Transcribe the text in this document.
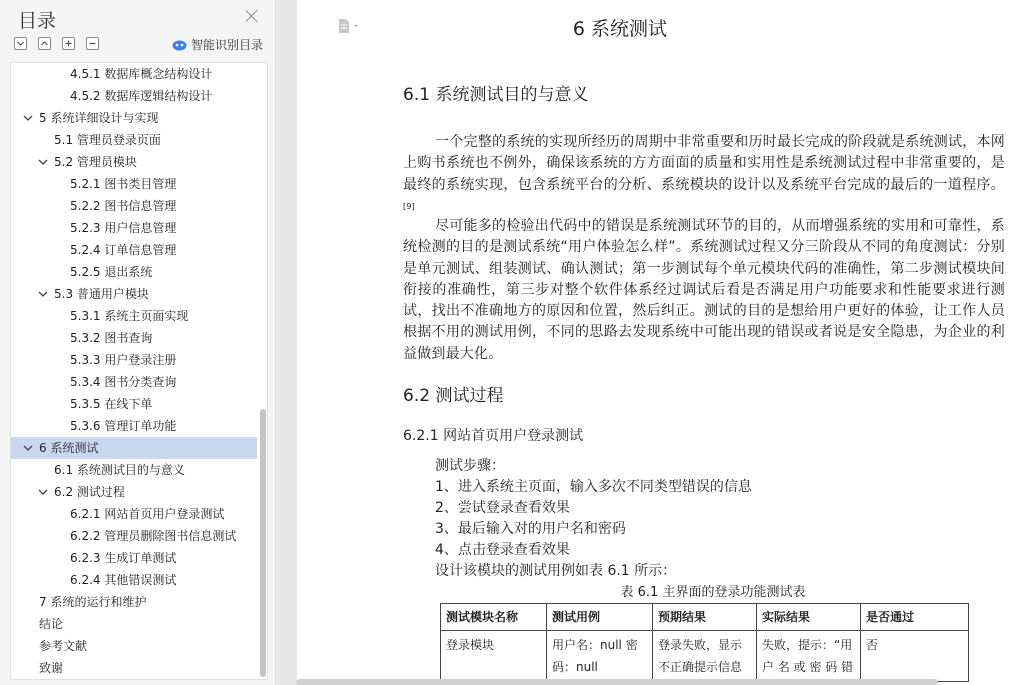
目录
智能识别目录
4.5.1 数据库概念结构设计
4.5.2 数据库逻辑结构设计
5 系统详细设计与实现
5.1 管理员登录页面
5.2 管理员模块
5.2.1 图书类目管理
5.2.2 图书信息管理
5.2.3 用户信息管理
5.2.4 订单信息管理
5.2.5 退出系统
5.3 普通用户模块
5.3.1 系统主页面实现
5.3.2 图书查询
5.3.3 用户登录注册
5.3.4 图书分类查询
5.3.5 在线下单
5.3.6 管理订单功能
6 系统测试
6.1 系统测试目的与意义
6.2 测试过程
6.2.1 网站首页用户登录测试
6.2.2 管理员删除图书信息测试
6.2.3 生成订单测试
6.2.4 其他错误测试
7 系统的运行和维护
结论
参考文献
致谢
6 系统测试
6.1 系统测试目的与意义
一个完整的系统的实现所经历的周期中非常重要和历时最长完成的阶段就是系统测试，本网上购书系统也不例外，确保该系统的方方面面的质量和实用性是系统测试过程中非常重要的，是最终的系统实现，包含系统平台的分析、系统模块的设计以及系统平台完成的最后的一道程序。[9]
尽可能多的检验出代码中的错误是系统测试环节的目的，从而增强系统的实用和可靠性，系统检测的目的是测试系统“用户体验怎么样”。系统测试过程又分三阶段从不同的角度测试：分别是单元测试、组装测试、确认测试；第一步测试每个单元模块代码的准确性，第二步测试模块间衔接的准确性，第三步对整个软件体系经过调试后看是否满足用户功能要求和性能要求进行测试，找出不准确地方的原因和位置，然后纠正。测试的目的是想给用户更好的体验，让工作人员根据不用的测试用例，不同的思路去发现系统中可能出现的错误或者说是安全隐患，为企业的利益做到最大化。
6.2 测试过程
6.2.1 网站首页用户登录测试
测试步骤：
1、进入系统主页面，输入多次不同类型错误的信息
2、尝试登录查看效果
3、最后输入对的用户名和密码
4、点击登录查看效果
设计该模块的测试用例如表 6.1 所示：
表 6.1 主界面的登录功能测试表
测试模块名称	测试用例	预期结果	实际结果	是否通过
登录模块	用户名：null 密码：null	登录失败，显示不正确提示信息	失败，提示：“用户 名 或 密 码 错	否
